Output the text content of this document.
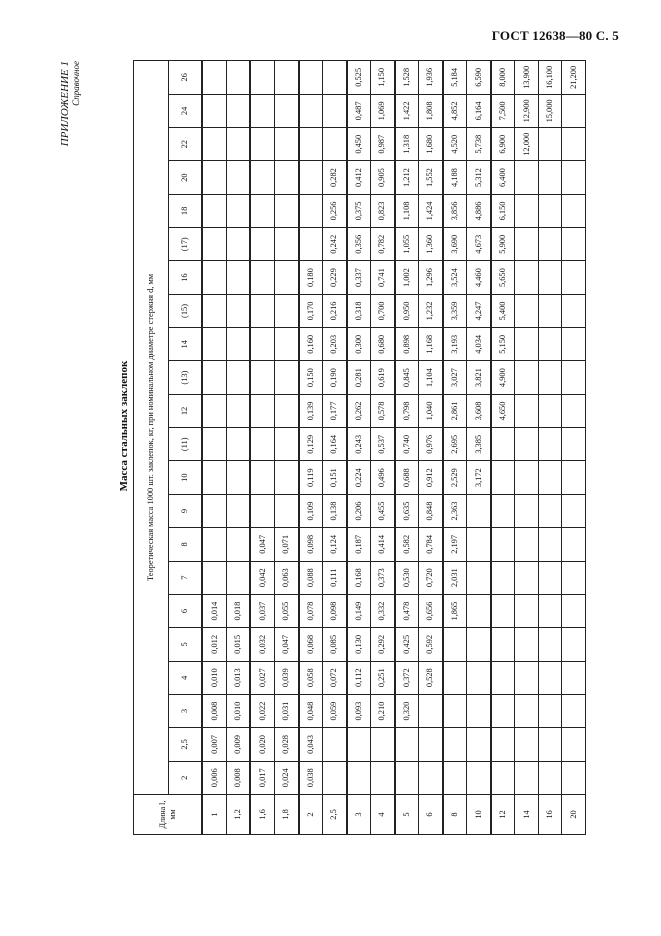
ГОСТ 12638—80 С. 5
ПРИЛОЖЕНИЕ 1 Справочное
Масса стальных заклепок
Длина l, мм	Теоретическая масса 1000 шт. заклепок, кг, при номинальном диаметре стержня d, мм																					
	2	2,5	3	4	5	6	7	8	9	10	(11)	12	(13)	14	(15)	16	(17)	18	20	22	24	26
1	0,006	0,007	0,008	0,010	0,012	0,014																
1,2	0,008	0,009	0,010	0,013	0,015	0,018																
1,6	0,017	0,020	0,022	0,027	0,032	0,037	0,042	0,047														
1,8	0,024	0,028	0,031	0,039	0,047	0,055	0,063	0,071														
2	0,038	0,043	0,048	0,058	0,068	0,078	0,088	0,098	0,109	0,119	0,129	0,139	0,150	0,160	0,170	0,180						
2,5			0,059	0,072	0,085	0,098	0,111	0,124	0,138	0,151	0,164	0,177	0,190	0,203	0,216	0,229	0,242	0,256	0,282			
3			0,093	0,112	0,130	0,149	0,168	0,187	0,206	0,224	0,243	0,262	0,281	0,300	0,318	0,337	0,356	0,375	0,412	0,450	0,487	0,525
4			0,210	0,251	0,292	0,332	0,373	0,414	0,455	0,496	0,537	0,578	0,619	0,680	0,700	0,741	0,782	0,823	0,905	0,987	1,069	1,150
5			0,320	0,372	0,425	0,478	0,530	0,582	0,635	0,688	0,740	0,798	0,845	0,898	0,950	1,002	1,055	1,108	1,212	1,318	1,422	1,528
6				0,528	0,592	0,656	0,720	0,784	0,848	0,912	0,976	1,040	1,104	1,168	1,232	1,296	1,360	1,424	1,552	1,680	1,808	1,936
8						1,865	2,031	2,197	2,363	2,529	2,695	2,861	3,027	3,193	3,359	3,524	3,690	3,856	4,188	4,520	4,852	5,184
10										3,172	3,385	3,608	3,821	4,034	4,247	4,460	4,673	4,886	5,312	5,738	6,164	6,590
12												4,650	4,900	5,150	5,400	5,650	5,900	6,150	6,400	6,900	7,500	8,000
14																				12,000	12,900	13,900
16																					15,000	16,100
20																						21,200
